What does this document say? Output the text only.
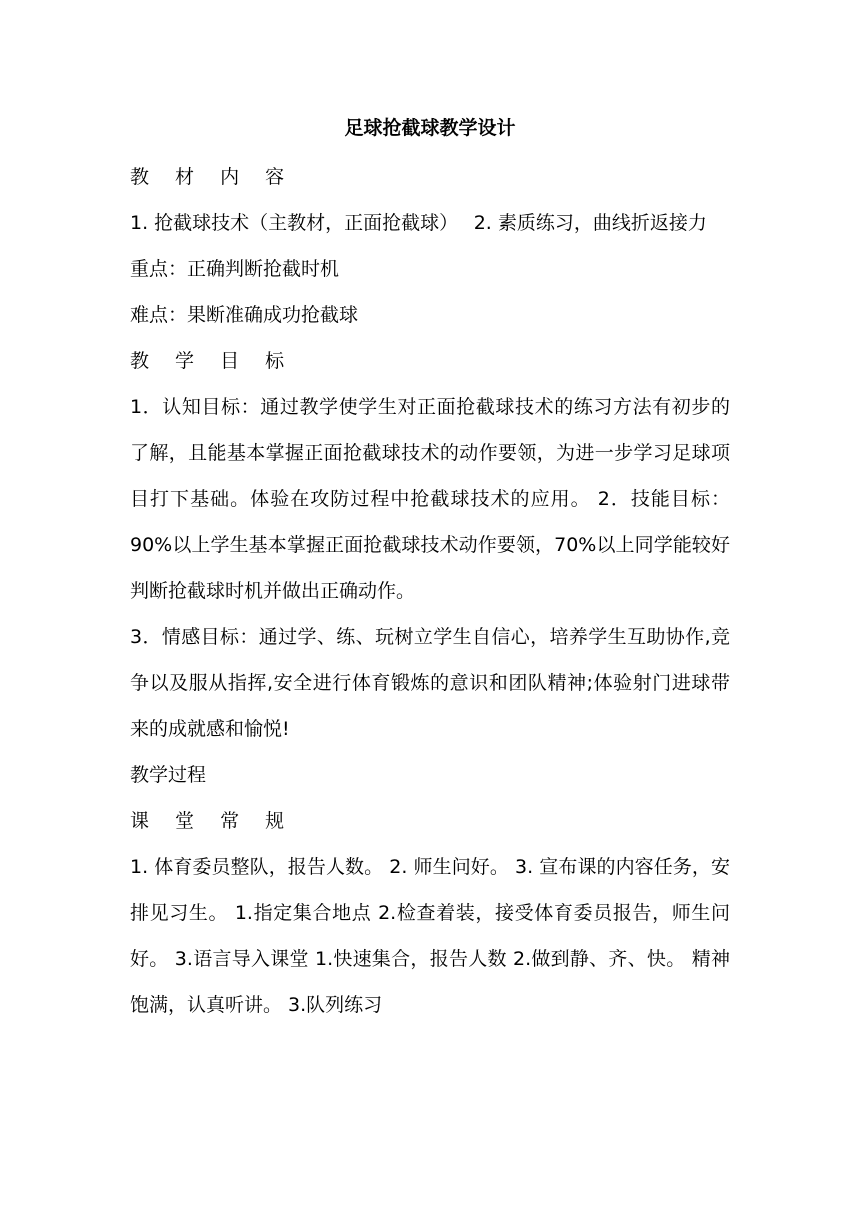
足球抢截球教学设计

教 材 内 容

1. 抢截球技术（主教材，正面抢截球）　 2. 素质练习，曲线折返接力

重点：正确判断抢截时机

难点：果断准确成功抢截球

教 学 目 标

1．认知目标：通过教学使学生对正面抢截球技术的练习方法有初步的了解，且能基本掌握正面抢截球技术的动作要领，为进一步学习足球项目打下基础。体验在攻防过程中抢截球技术的应用。 2．技能目标：90%以上学生基本掌握正面抢截球技术动作要领，70%以上同学能较好判断抢截球时机并做出正确动作。

3．情感目标：通过学、练、玩树立学生自信心，培养学生互助协作,竞争以及服从指挥,安全进行体育锻炼的意识和团队精神;体验射门进球带来的成就感和愉悦!

教学过程

课 堂 常 规

1. 体育委员整队，报告人数。 2. 师生问好。 3. 宣布课的内容任务，安排见习生。 1.指定集合地点 2.检查着装，接受体育委员报告，师生问好。 3.语言导入课堂 1.快速集合，报告人数 2.做到静、齐、快。 精神饱满，认真听讲。 3.队列练习
